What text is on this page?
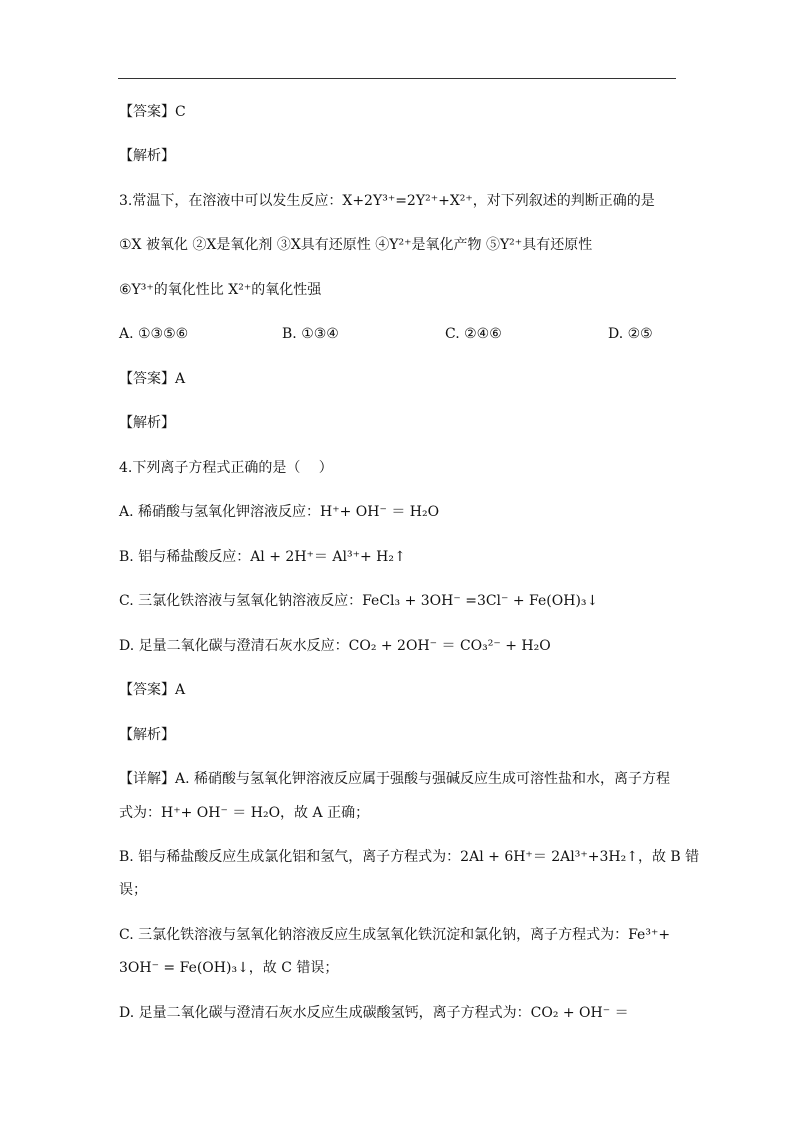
【答案】C
【解析】
3.常温下，在溶液中可以发生反应：X+2Y³⁺=2Y²⁺+X²⁺，对下列叙述的判断正确的是
①X 被氧化 ②X是氧化剂 ③X具有还原性 ④Y²⁺是氧化产物 ⑤Y²⁺具有还原性
⑥Y³⁺的氧化性比 X²⁺的氧化性强
A. ①③⑤⑥	B. ①③④	C. ②④⑥	D. ②⑤
【答案】A
【解析】
4.下列离子方程式正确的是（　 ）
A. 稀硝酸与氢氧化钾溶液反应：H⁺+ OH⁻ ＝ H₂O
B. 铝与稀盐酸反应：Al + 2H⁺＝ Al³⁺+ H₂↑
C. 三氯化铁溶液与氢氧化钠溶液反应：FeCl₃ + 3OH⁻ =3Cl⁻ + Fe(OH)₃↓
D. 足量二氧化碳与澄清石灰水反应：CO₂ + 2OH⁻ ＝ CO₃²⁻ + H₂O
【答案】A
【解析】
【详解】A. 稀硝酸与氢氧化钾溶液反应属于强酸与强碱反应生成可溶性盐和水，离子方程
式为：H⁺+ OH⁻ ＝ H₂O，故 A 正确；
B. 铝与稀盐酸反应生成氯化铝和氢气，离子方程式为：2Al + 6H⁺＝ 2Al³⁺+3H₂↑，故 B 错
误；
C. 三氯化铁溶液与氢氧化钠溶液反应生成氢氧化铁沉淀和氯化钠，离子方程式为：Fe³⁺+
3OH⁻ = Fe(OH)₃↓，故 C 错误；
D. 足量二氧化碳与澄清石灰水反应生成碳酸氢钙，离子方程式为：CO₂ + OH⁻ ＝
